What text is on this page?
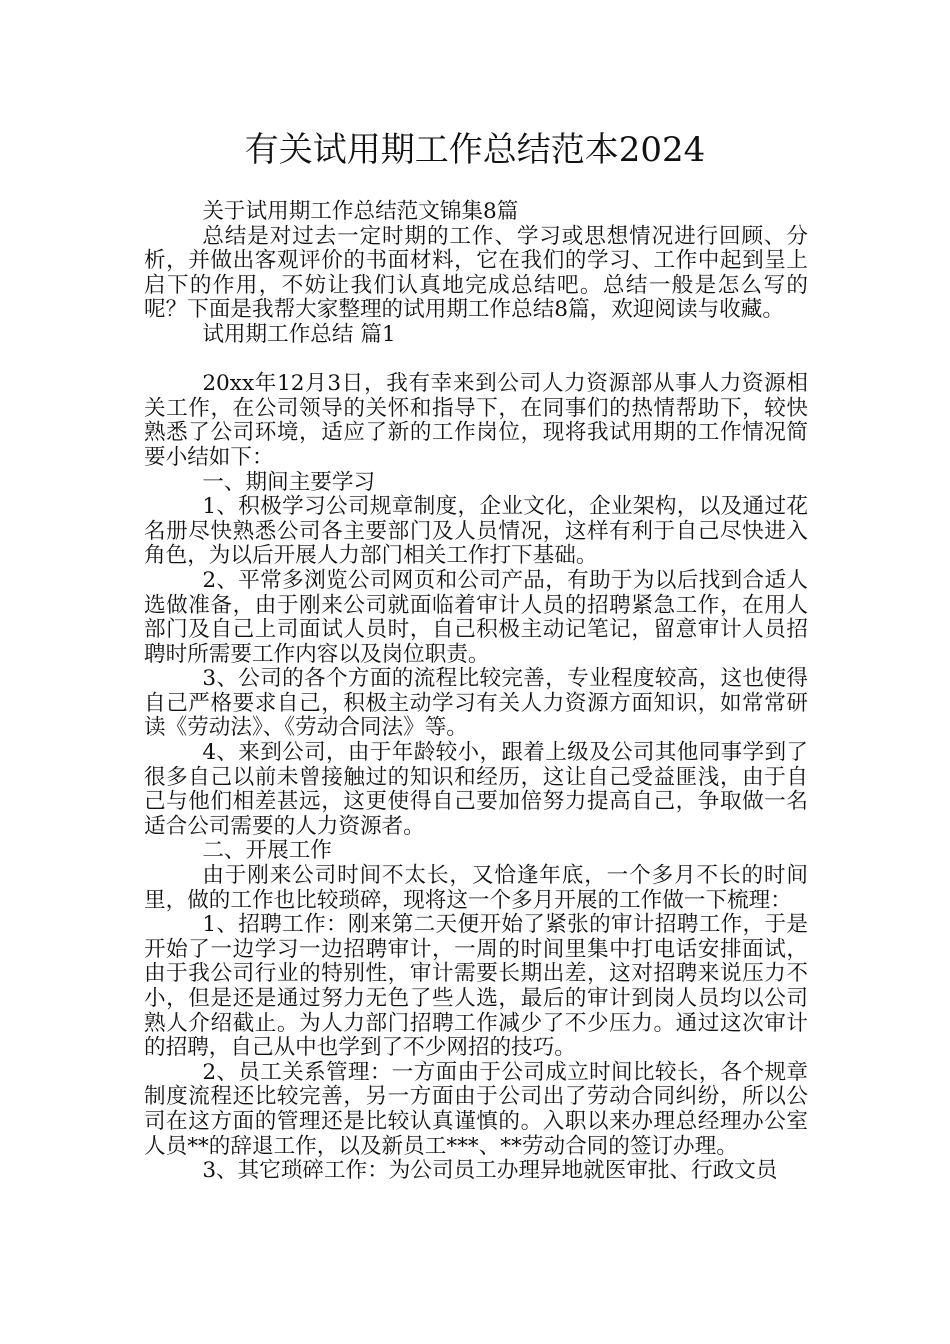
有关试用期工作总结范本2024

关于试用期工作总结范文锦集8篇

总结是对过去一定时期的工作、学习或思想情况进行回顾、分析，并做出客观评价的书面材料，它在我们的学习、工作中起到呈上启下的作用，不妨让我们认真地完成总结吧。总结一般是怎么写的呢？下面是我帮大家整理的试用期工作总结8篇，欢迎阅读与收藏。

试用期工作总结 篇1

20xx年12月3日，我有幸来到公司人力资源部从事人力资源相关工作，在公司领导的关怀和指导下，在同事们的热情帮助下，较快熟悉了公司环境，适应了新的工作岗位，现将我试用期的工作情况简要小结如下：

一、期间主要学习

1、积极学习公司规章制度，企业文化，企业架构，以及通过花名册尽快熟悉公司各主要部门及人员情况，这样有利于自己尽快进入角色，为以后开展人力部门相关工作打下基础。

2、平常多浏览公司网页和公司产品，有助于为以后找到合适人选做准备，由于刚来公司就面临着审计人员的招聘紧急工作，在用人部门及自己上司面试人员时，自己积极主动记笔记，留意审计人员招聘时所需要工作内容以及岗位职责。

3、公司的各个方面的流程比较完善，专业程度较高，这也使得自己严格要求自己，积极主动学习有关人力资源方面知识，如常常研读《劳动法》、《劳动合同法》等。

4、来到公司，由于年龄较小，跟着上级及公司其他同事学到了很多自己以前未曾接触过的知识和经历，这让自己受益匪浅，由于自己与他们相差甚远，这更使得自己要加倍努力提高自己，争取做一名适合公司需要的人力资源者。

二、开展工作

由于刚来公司时间不太长，又恰逢年底，一个多月不长的时间里，做的工作也比较琐碎，现将这一个多月开展的工作做一下梳理：

1、招聘工作：刚来第二天便开始了紧张的审计招聘工作，于是开始了一边学习一边招聘审计，一周的时间里集中打电话安排面试，由于我公司行业的特别性，审计需要长期出差，这对招聘来说压力不小，但是还是通过努力无色了些人选，最后的审计到岗人员均以公司熟人介绍截止。为人力部门招聘工作减少了不少压力。通过这次审计的招聘，自己从中也学到了不少网招的技巧。

2、员工关系管理：一方面由于公司成立时间比较长，各个规章制度流程还比较完善，另一方面由于公司出了劳动合同纠纷，所以公司在这方面的管理还是比较认真谨慎的。入职以来办理总经理办公室人员**的辞退工作，以及新员工***、**劳动合同的签订办理。

3、其它琐碎工作：为公司员工办理异地就医审批、行政文员
